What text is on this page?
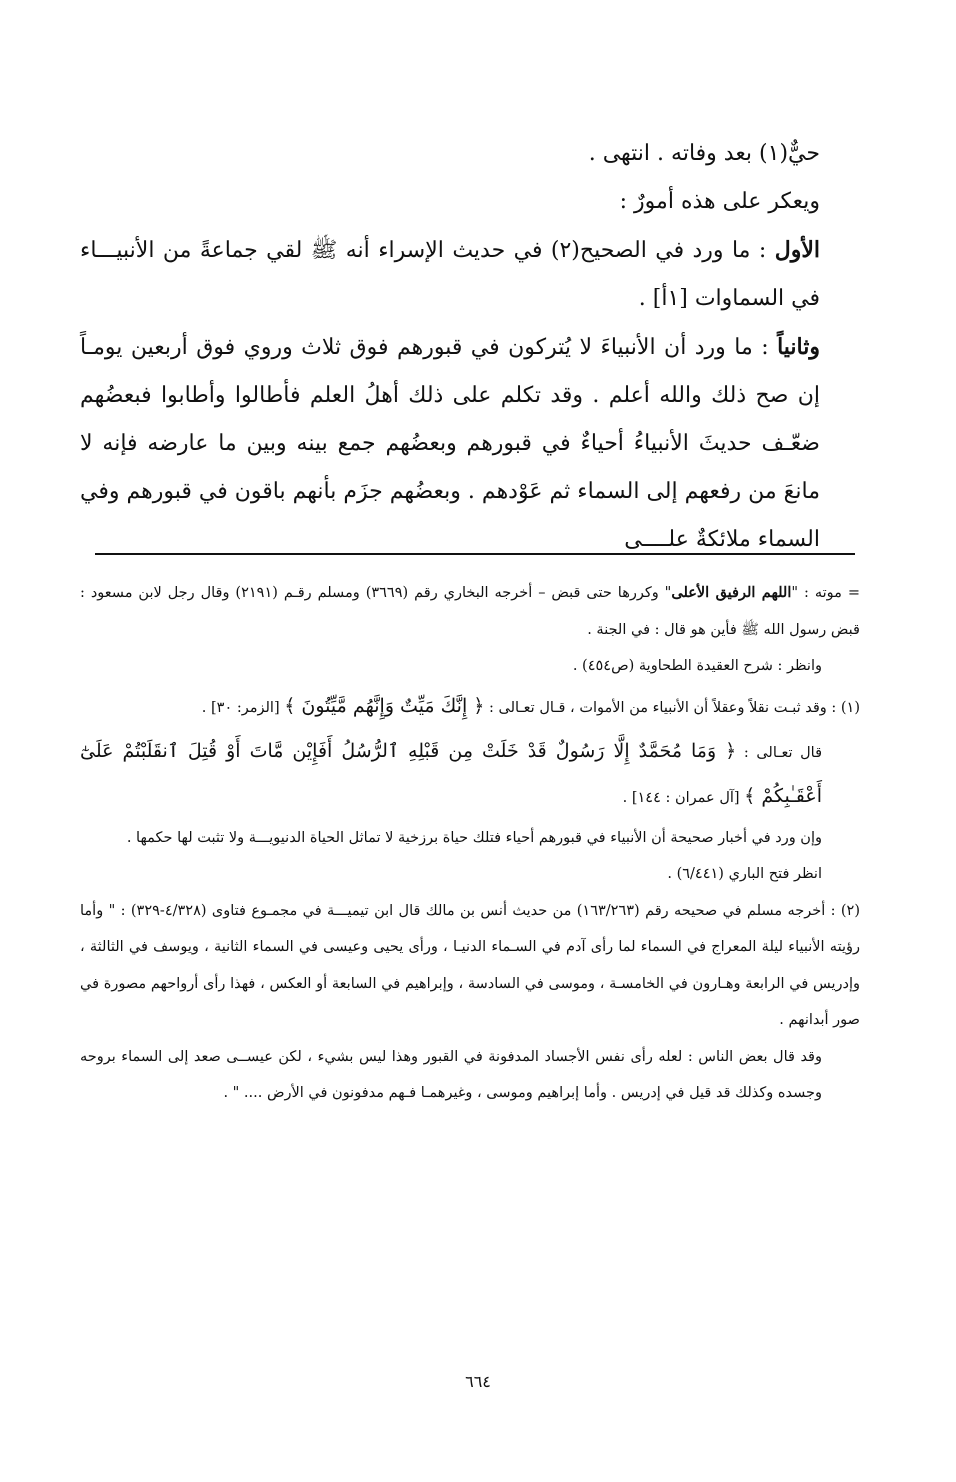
حيٌّ(١) بعد وفاته . انتهى .

ويعكر على هذه أمورٌ :

الأول : ما ورد في الصحيح(٢) في حديث الإسراء أنه ﷺ لقي جماعةً من الأنبيـــاء في السماوات [١أ] .

وثانياً : ما ورد أن الأنبياءَ لا يُتركون في قبورهم فوق ثلاث وروي فوق أربعين يومـاً إن صح ذلك والله أعلم . وقد تكلم على ذلك أهلُ العلم فأطالوا وأطابوا فبعضُهم ضعّـف حديثَ الأنبياءُ أحياءٌ في قبورهم وبعضُهم جمع بينه وبين ما عارضه فإنه لا مانعَ من رفعهم إلى السماء ثم عَوْدهم . وبعضُهم جزَم بأنهم باقون في قبورهم وفي السماء ملائكةٌ علــــى

= موته : "اللهم الرفيق الأعلى" وكررها حتى قبض – أخرجه البخاري رقم (٣٦٦٩) ومسلم رقـم (٢١٩١) وقال رجل لابن مسعود : قبض رسول الله ﷺ فأين هو قال : في الجنة .

وانظر : شرح العقيدة الطحاوية (ص٤٥٤) .

(١) : وقد ثبـت نقلاً وعقلاً أن الأنبياء من الأموات ، قـال تعـالى : ﴿ إِنَّكَ مَيِّتٌ وَإِنَّهُم مَّيِّتُونَ ﴾ [الزمر: ٣٠] .

قال تعـالى : ﴿ وَمَا مُحَمَّدٌ إِلَّا رَسُولٌ قَدْ خَلَتْ مِن قَبْلِهِ ٱلرُّسُلُ أَفَإِيْن مَّاتَ أَوْ قُتِلَ ٱنقَلَبْتُمْ عَلَىٰٓ أَعْقَـٰبِكُمْ ﴾ [آل عمران : ١٤٤] .

وإن ورد في أخبار صحيحة أن الأنبياء في قبورهم أحياء فتلك حياة برزخية لا تماثل الحياة الدنيويـــة ولا تثبت لها حكمها .

انظر فتح الباري (٦/٤٤١) .

(٢) : أخرجه مسلم في صحيحه رقم (١٦٣/٢٦٣) من حديث أنس بن مالك قال ابن تيميـــة في مجمـوع فتاوى (٤/٣٢٨-٣٢٩) : " وأما رؤيته الأنبياء ليلة المعراج في السماء لما رأى آدم في السـماء الدنيـا ، ورأى يحيى وعيسى في السماء الثانية ، ويوسف في الثالثة ، وإدريس في الرابعة وهـارون في الخامسـة ، وموسى في السادسة ، وإبراهيم في السابعة أو العكس ، فهذا رأى أرواحهم مصورة في صور أبدانهم .

وقد قال بعض الناس : لعله رأى نفس الأجساد المدفونة في القبور وهذا ليس بشيء ، لكن عيســى صعد إلى السماء بروحه وجسده وكذلك قد قيل في إدريس . وأما إبراهيم وموسى ، وغيرهمـا فـهم مدفونون في الأرض .... " .

٦٦٤
